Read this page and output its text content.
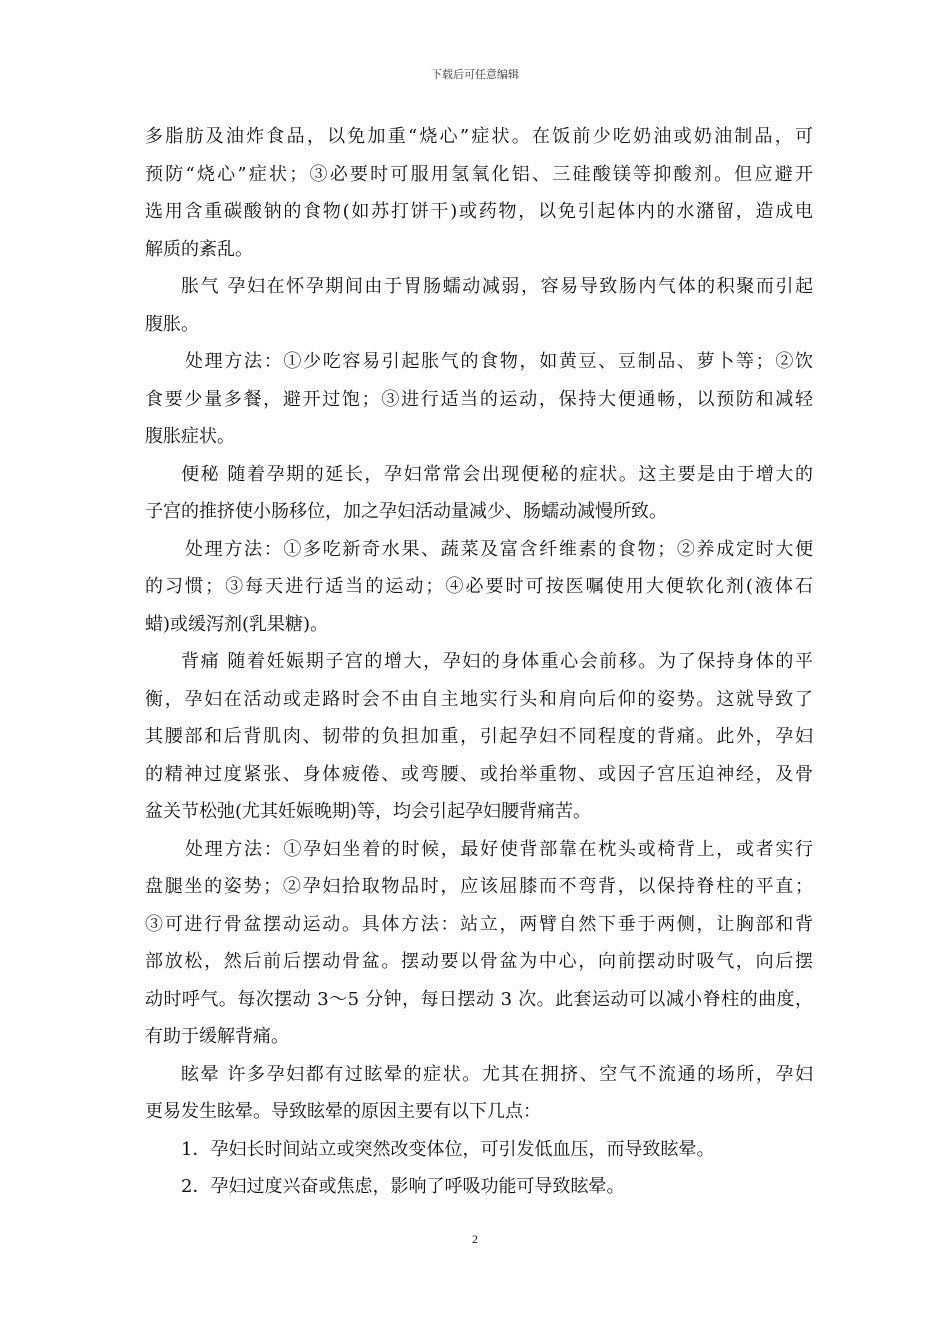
下载后可任意编辑
多脂肪及油炸食品，以免加重“烧心”症状。在饭前少吃奶油或奶油制品，可
预防“烧心”症状；③必要时可服用氢氧化铝、三硅酸镁等抑酸剂。但应避开
选用含重碳酸钠的食物(如苏打饼干)或药物，以免引起体内的水潴留，造成电
解质的紊乱。
胀气 孕妇在怀孕期间由于胃肠蠕动减弱，容易导致肠内气体的积聚而引起
腹胀。
处理方法：①少吃容易引起胀气的食物，如黄豆、豆制品、萝卜等；②饮
食要少量多餐，避开过饱；③进行适当的运动，保持大便通畅，以预防和减轻
腹胀症状。
便秘 随着孕期的延长，孕妇常常会出现便秘的症状。这主要是由于增大的
子宫的推挤使小肠移位，加之孕妇活动量减少、肠蠕动减慢所致。
处理方法：①多吃新奇水果、蔬菜及富含纤维素的食物；②养成定时大便
的习惯；③每天进行适当的运动；④必要时可按医嘱使用大便软化剂(液体石
蜡)或缓泻剂(乳果糖)。
背痛 随着妊娠期子宫的增大，孕妇的身体重心会前移。为了保持身体的平
衡，孕妇在活动或走路时会不由自主地实行头和肩向后仰的姿势。这就导致了
其腰部和后背肌肉、韧带的负担加重，引起孕妇不同程度的背痛。此外，孕妇
的精神过度紧张、身体疲倦、或弯腰、或抬举重物、或因子宫压迫神经，及骨
盆关节松弛(尤其妊娠晚期)等，均会引起孕妇腰背痛苦。
处理方法：①孕妇坐着的时候，最好使背部靠在枕头或椅背上，或者实行
盘腿坐的姿势；②孕妇拾取物品时，应该屈膝而不弯背，以保持脊柱的平直；
③可进行骨盆摆动运动。具体方法：站立，两臂自然下垂于两侧，让胸部和背
部放松，然后前后摆动骨盆。摆动要以骨盆为中心，向前摆动时吸气，向后摆
动时呼气。每次摆动 3～5 分钟，每日摆动 3 次。此套运动可以减小脊柱的曲度，
有助于缓解背痛。
眩晕 许多孕妇都有过眩晕的症状。尤其在拥挤、空气不流通的场所，孕妇
更易发生眩晕。导致眩晕的原因主要有以下几点：
1．孕妇长时间站立或突然改变体位，可引发低血压，而导致眩晕。
2．孕妇过度兴奋或焦虑，影响了呼吸功能可导致眩晕。
2
